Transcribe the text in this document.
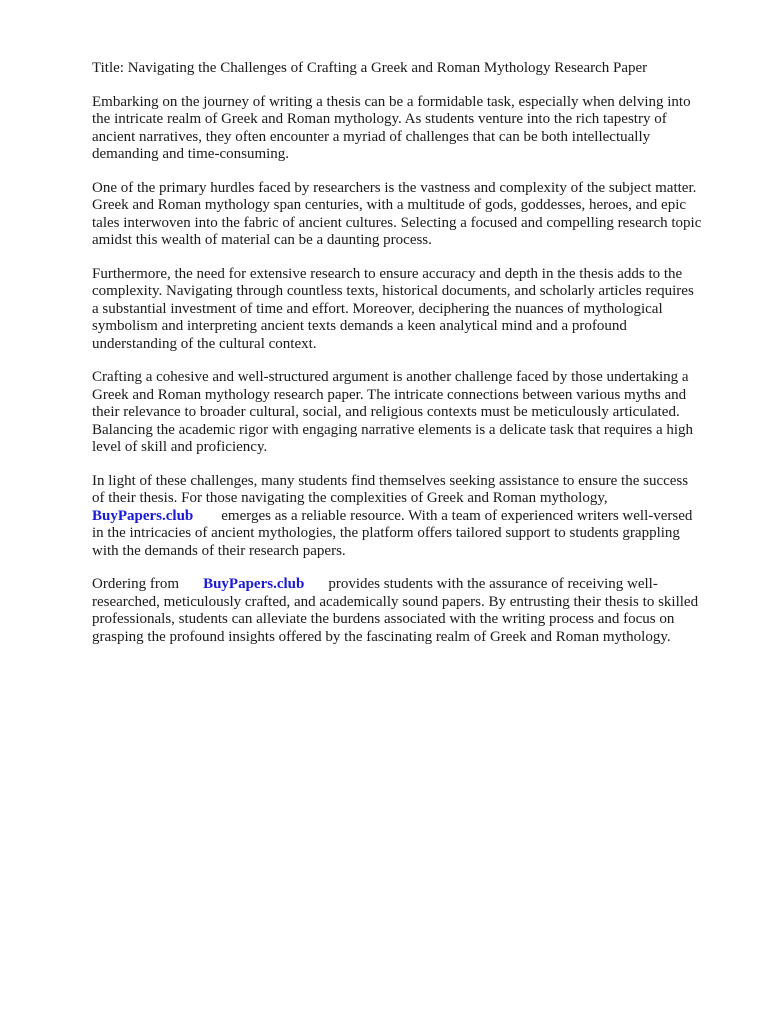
Title: Navigating the Challenges of Crafting a Greek and Roman Mythology Research Paper

Embarking on the journey of writing a thesis can be a formidable task, especially when delving into
the intricate realm of Greek and Roman mythology. As students venture into the rich tapestry of
ancient narratives, they often encounter a myriad of challenges that can be both intellectually
demanding and time-consuming.

One of the primary hurdles faced by researchers is the vastness and complexity of the subject matter.
Greek and Roman mythology span centuries, with a multitude of gods, goddesses, heroes, and epic
tales interwoven into the fabric of ancient cultures. Selecting a focused and compelling research topic
amidst this wealth of material can be a daunting process.

Furthermore, the need for extensive research to ensure accuracy and depth in the thesis adds to the
complexity. Navigating through countless texts, historical documents, and scholarly articles requires
a substantial investment of time and effort. Moreover, deciphering the nuances of mythological
symbolism and interpreting ancient texts demands a keen analytical mind and a profound
understanding of the cultural context.

Crafting a cohesive and well-structured argument is another challenge faced by those undertaking a
Greek and Roman mythology research paper. The intricate connections between various myths and
their relevance to broader cultural, social, and religious contexts must be meticulously articulated.
Balancing the academic rigor with engaging narrative elements is a delicate task that requires a high
level of skill and proficiency.

In light of these challenges, many students find themselves seeking assistance to ensure the success
of their thesis. For those navigating the complexities of Greek and Roman mythology,
BuyPapers.club emerges as a reliable resource. With a team of experienced writers well-versed
in the intricacies of ancient mythologies, the platform offers tailored support to students grappling
with the demands of their research papers.

Ordering from BuyPapers.club provides students with the assurance of receiving well-
researched, meticulously crafted, and academically sound papers. By entrusting their thesis to skilled
professionals, students can alleviate the burdens associated with the writing process and focus on
grasping the profound insights offered by the fascinating realm of Greek and Roman mythology.
